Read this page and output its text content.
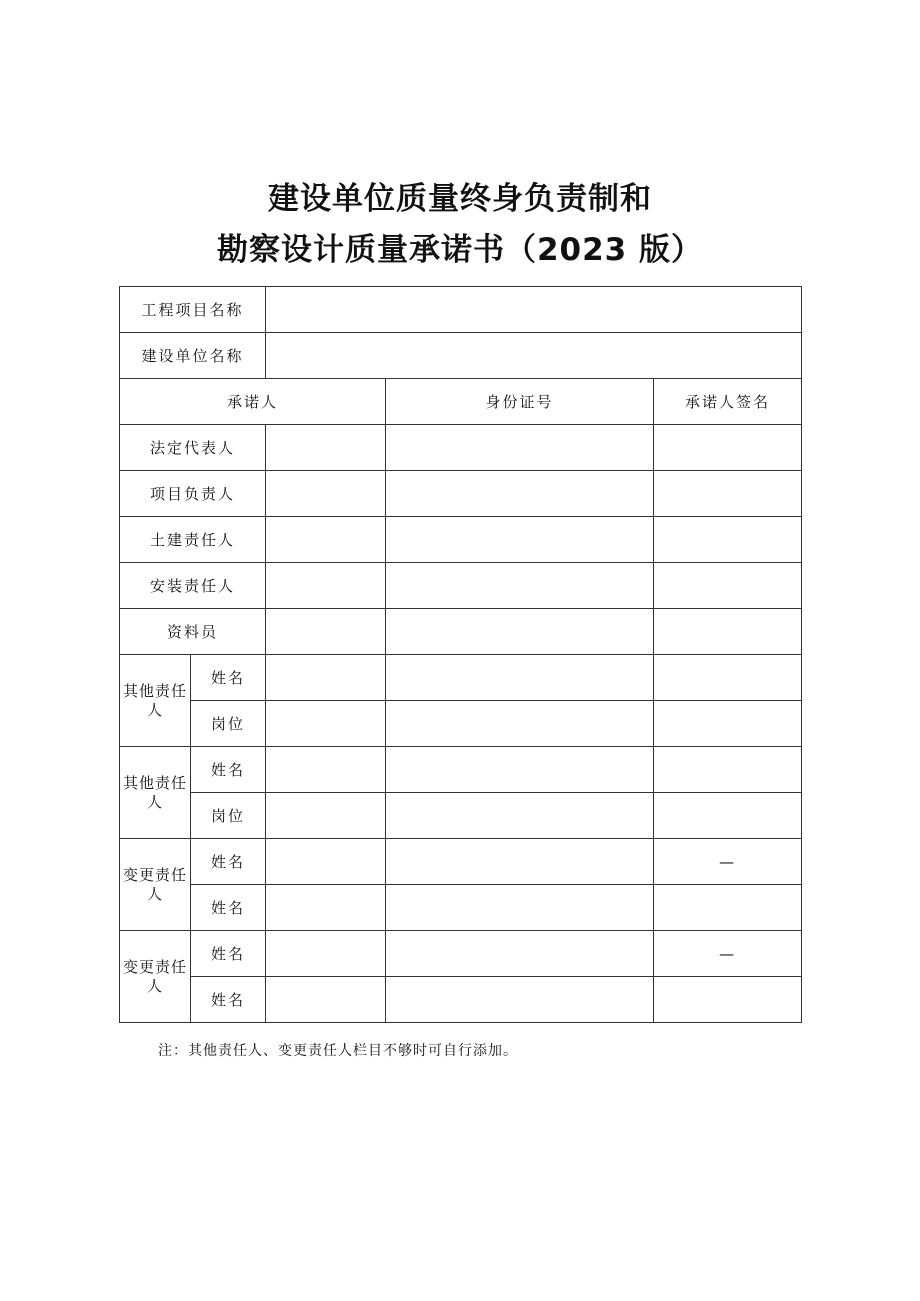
建设单位质量终身负责制和
勘察设计质量承诺书（2023 版）
工程项目名称				
建设单位名称				
承诺人			身份证号	承诺人签名
法定代表人				
项目负责人				
土建责任人				
安装责任人				
资料员				
其他责任人	姓名			
	岗位			
其他责任人	姓名			
	岗位			
变更责任人	姓名			—
	姓名			
变更责任人	姓名			—
	姓名			
注：其他责任人、变更责任人栏目不够时可自行添加。
